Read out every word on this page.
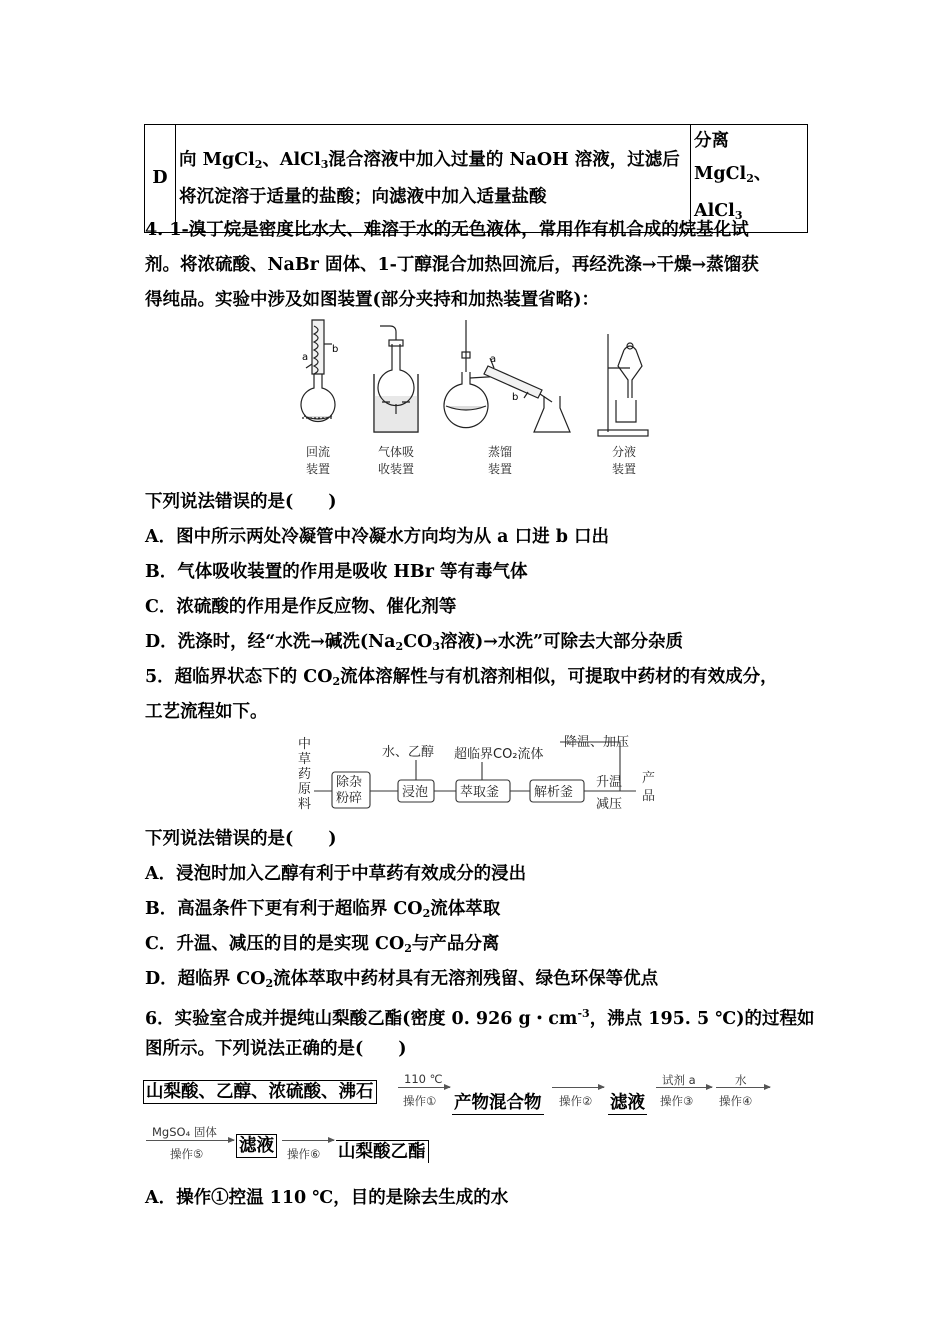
D	向 MgCl$_2$、AlCl$_3$混合溶液中加入过量的 NaOH 溶液，过滤后
将沉淀溶于适量的盐酸；向滤液中加入适量盐酸	分离
MgCl$_2$、AlCl$_3$
4. 1-溴丁烷是密度比水大、难溶于水的无色液体，常用作有机合成的烷基化试
剂。将浓硫酸、NaBr 固体、1-丁醇混合加热回流后，再经洗涤→干燥→蒸馏获
得纯品。实验中涉及如图装置(部分夹持和加热装置省略)：
a
b
a
b
回流
装置
气体吸
收装置
蒸馏
装置
分液
装置
下列说法错误的是(　　)
A．图中所示两处冷凝管中冷凝水方向均为从 a 口进 b 口出
B．气体吸收装置的作用是吸收 HBr 等有毒气体
C．浓硫酸的作用是作反应物、催化剂等
D．洗涤时，经“水洗→碱洗($Na_2CO_3$溶液)→水洗”可除去大部分杂质
5．超临界状态下的 $CO_2$流体溶解性与有机溶剂相似，可提取中药材的有效成分，
工艺流程如下。
中
草
药
原
料
水、乙醇 超临界CO₂流体
降温、加压
升温
减压
产
品
除杂
粉碎	浸泡 萃取釜	解析釜
下列说法错误的是(　　)
A．浸泡时加入乙醇有利于中草药有效成分的浸出
B．高温条件下更有利于超临界 $CO_2$流体萃取
C．升温、减压的目的是实现 $CO_2$与产品分离
D．超临界 $CO_2$流体萃取中药材具有无溶剂残留、绿色环保等优点
6．实验室合成并提纯山梨酸乙酯(密度 0. 926 g・$cm^{-3}$，沸点 195. 5 ℃)的过程如
图所示。下列说法正确的是(　　)
山梨酸、乙醇、浓硫酸、沸石
110 ℃
操作① 产物混合物 操作② 滤液
试剂 a
操作③
水
操作④
MgSO₄ 固体
操作⑤ 滤液 操作⑥ 山梨酸乙酯
A．操作①控温 110 ℃，目的是除去生成的水
